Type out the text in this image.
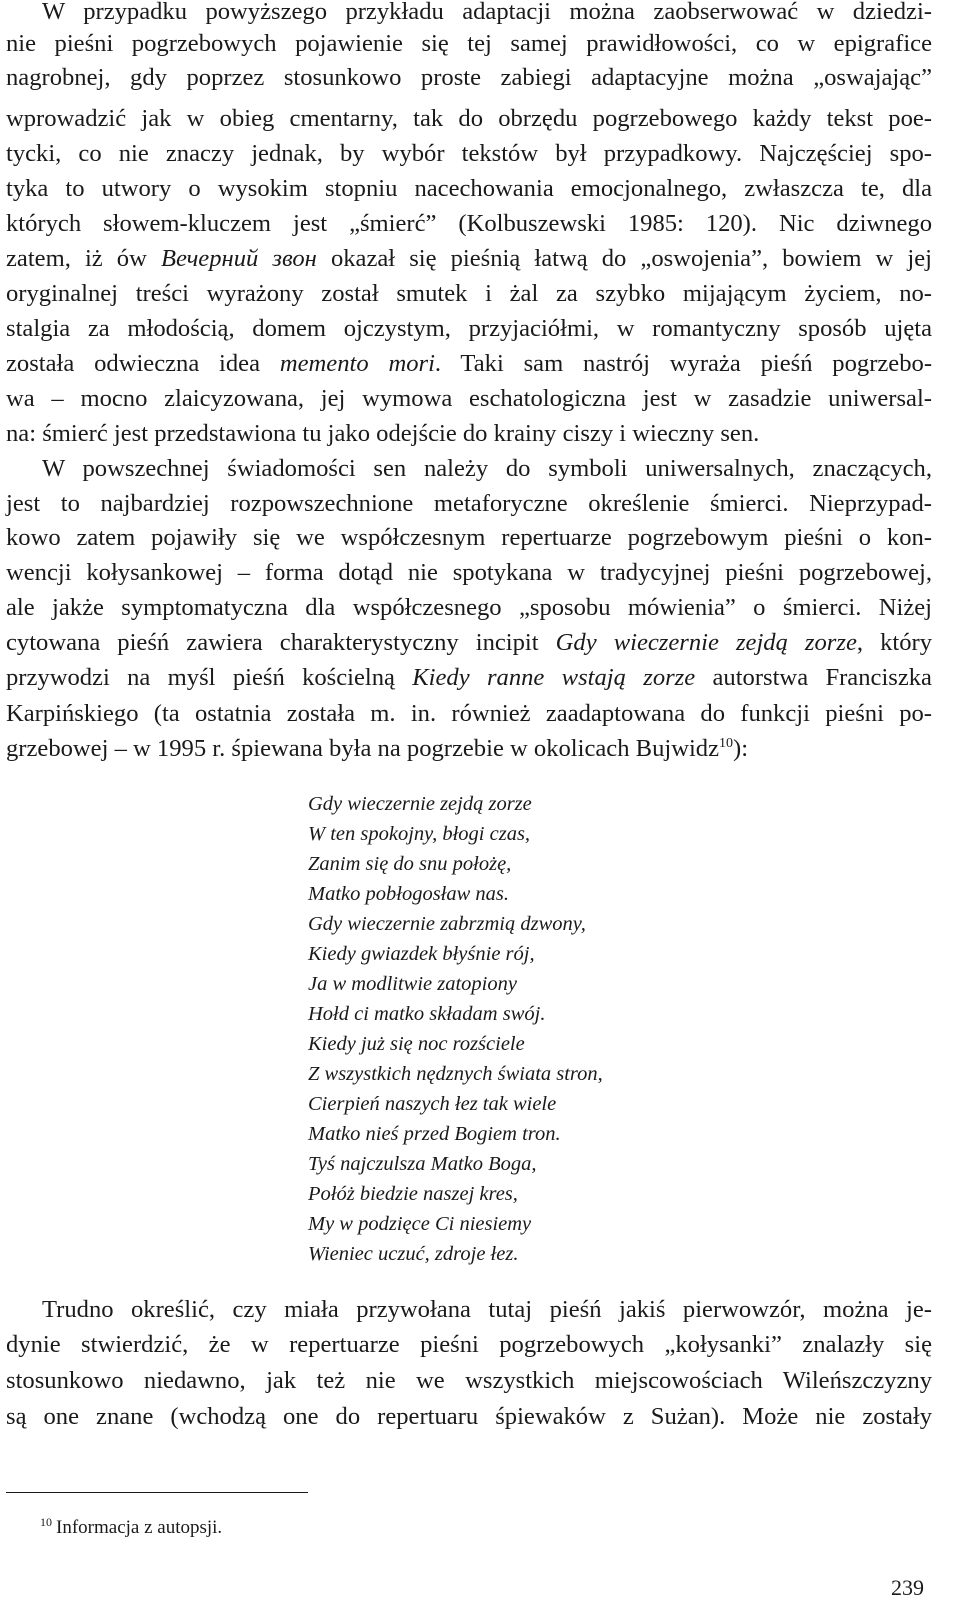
W przypadku powyższego przykładu adaptacji można zaobserwować w dziedzi-
nie pieśni pogrzebowych pojawienie się tej samej prawidłowości, co w epigrafice
nagrobnej, gdy poprzez stosunkowo proste zabiegi adaptacyjne można „oswajając”
wprowadzić jak w obieg cmentarny, tak do obrzędu pogrzebowego każdy tekst poe-
tycki, co nie znaczy jednak, by wybór tekstów był przypadkowy. Najczęściej spo-
tyka to utwory o wysokim stopniu nacechowania emocjonalnego, zwłaszcza te, dla
których słowem-kluczem jest „śmierć” (Kolbuszewski 1985: 120). Nic dziwnego
zatem, iż ów Вечерний звон okazał się pieśnią łatwą do „oswojenia”, bowiem w jej
oryginalnej treści wyrażony został smutek i żal za szybko mijającym życiem, no-
stalgia za młodością, domem ojczystym, przyjaciółmi, w romantyczny sposób ujęta
została odwieczna idea memento mori. Taki sam nastrój wyraża pieśń pogrzebo-
wa – mocno zlaicyzowana, jej wymowa eschatologiczna jest w zasadzie uniwersal-
na: śmierć jest przedstawiona tu jako odejście do krainy ciszy i wieczny sen.
W powszechnej świadomości sen należy do symboli uniwersalnych, znaczących,
jest to najbardziej rozpowszechnione metaforyczne określenie śmierci. Nieprzypad-
kowo zatem pojawiły się we współczesnym repertuarze pogrzebowym pieśni o kon-
wencji kołysankowej – forma dotąd nie spotykana w tradycyjnej pieśni pogrzebowej,
ale jakże symptomatyczna dla współczesnego „sposobu mówienia” o śmierci. Niżej
cytowana pieśń zawiera charakterystyczny incipit Gdy wieczernie zejdą zorze, który
przywodzi na myśl pieśń kościelną Kiedy ranne wstają zorze autorstwa Franciszka
Karpińskiego (ta ostatnia została m. in. również zaadaptowana do funkcji pieśni po-
grzebowej – w 1995 r. śpiewana była na pogrzebie w okolicach Bujwidz$^{10}$):
Gdy wieczernie zejdą zorze
W ten spokojny, błogi czas,
Zanim się do snu położę,
Matko pobłogosław nas.
Gdy wieczernie zabrzmią dzwony,
Kiedy gwiazdek błyśnie rój,
Ja w modlitwie zatopiony
Hołd ci matko składam swój.
Kiedy już się noc rozściele
Z wszystkich nędznych świata stron,
Cierpień naszych łez tak wiele
Matko nieś przed Bogiem tron.
Tyś najczulsza Matko Boga,
Połóż biedzie naszej kres,
My w podzięce Ci niesiemy
Wieniec uczuć, zdroje łez.
Trudno określić, czy miała przywołana tutaj pieśń jakiś pierwowzór, można je-
dynie stwierdzić, że w repertuarze pieśni pogrzebowych „kołysanki” znalazły się
stosunkowo niedawno, jak też nie we wszystkich miejscowościach Wileńszczyzny
są one znane (wchodzą one do repertuaru śpiewaków z Sużan). Może nie zostały
$^{10}$ Informacja z autopsji.
239
